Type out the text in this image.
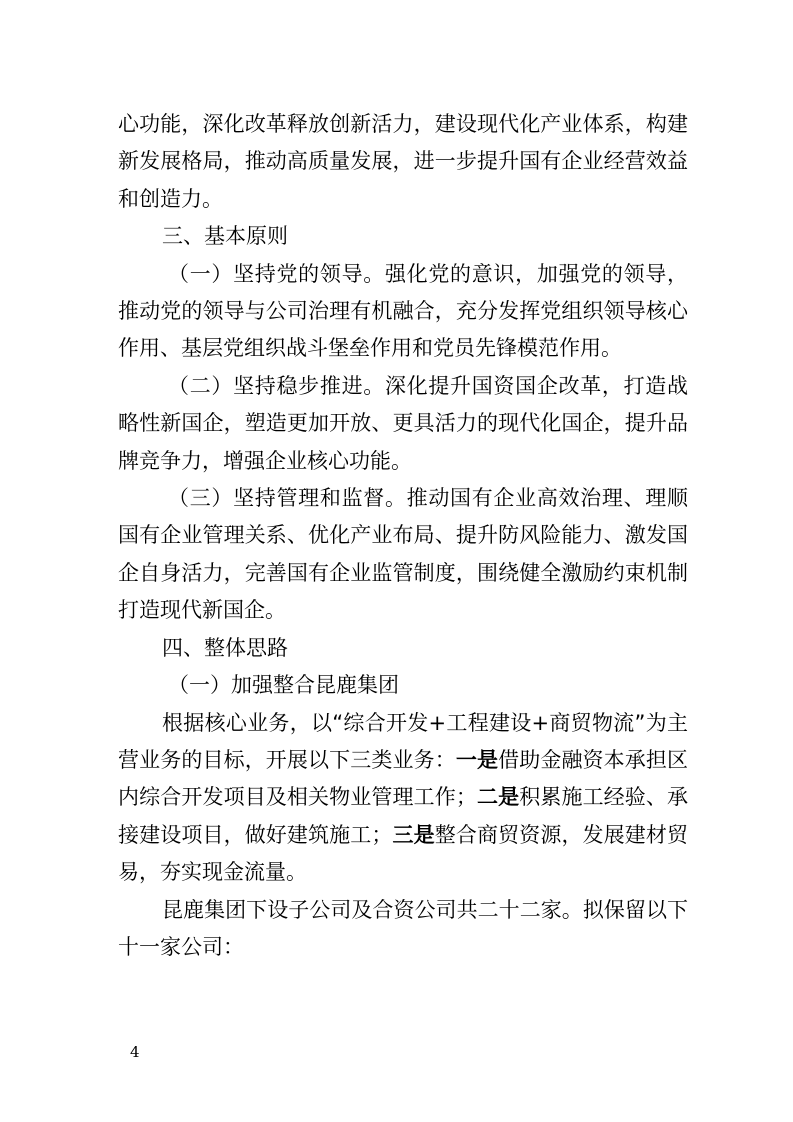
心功能，深化改革释放创新活力，建设现代化产业体系，构建新发展格局，推动高质量发展，进一步提升国有企业经营效益和创造力。

三、基本原则

（一）坚持党的领导。强化党的意识，加强党的领导，推动党的领导与公司治理有机融合，充分发挥党组织领导核心作用、基层党组织战斗堡垒作用和党员先锋模范作用。

（二）坚持稳步推进。深化提升国资国企改革，打造战略性新国企，塑造更加开放、更具活力的现代化国企，提升品牌竞争力，增强企业核心功能。

（三）坚持管理和监督。推动国有企业高效治理、理顺国有企业管理关系、优化产业布局、提升防风险能力、激发国企自身活力，完善国有企业监管制度，围绕健全激励约束机制打造现代新国企。

四、整体思路

（一）加强整合昆鹿集团

根据核心业务，以“综合开发+工程建设+商贸物流”为主营业务的目标，开展以下三类业务：一是借助金融资本承担区内综合开发项目及相关物业管理工作；二是积累施工经验、承接建设项目，做好建筑施工；三是整合商贸资源，发展建材贸易，夯实现金流量。

昆鹿集团下设子公司及合资公司共二十二家。拟保留以下十一家公司：

4
